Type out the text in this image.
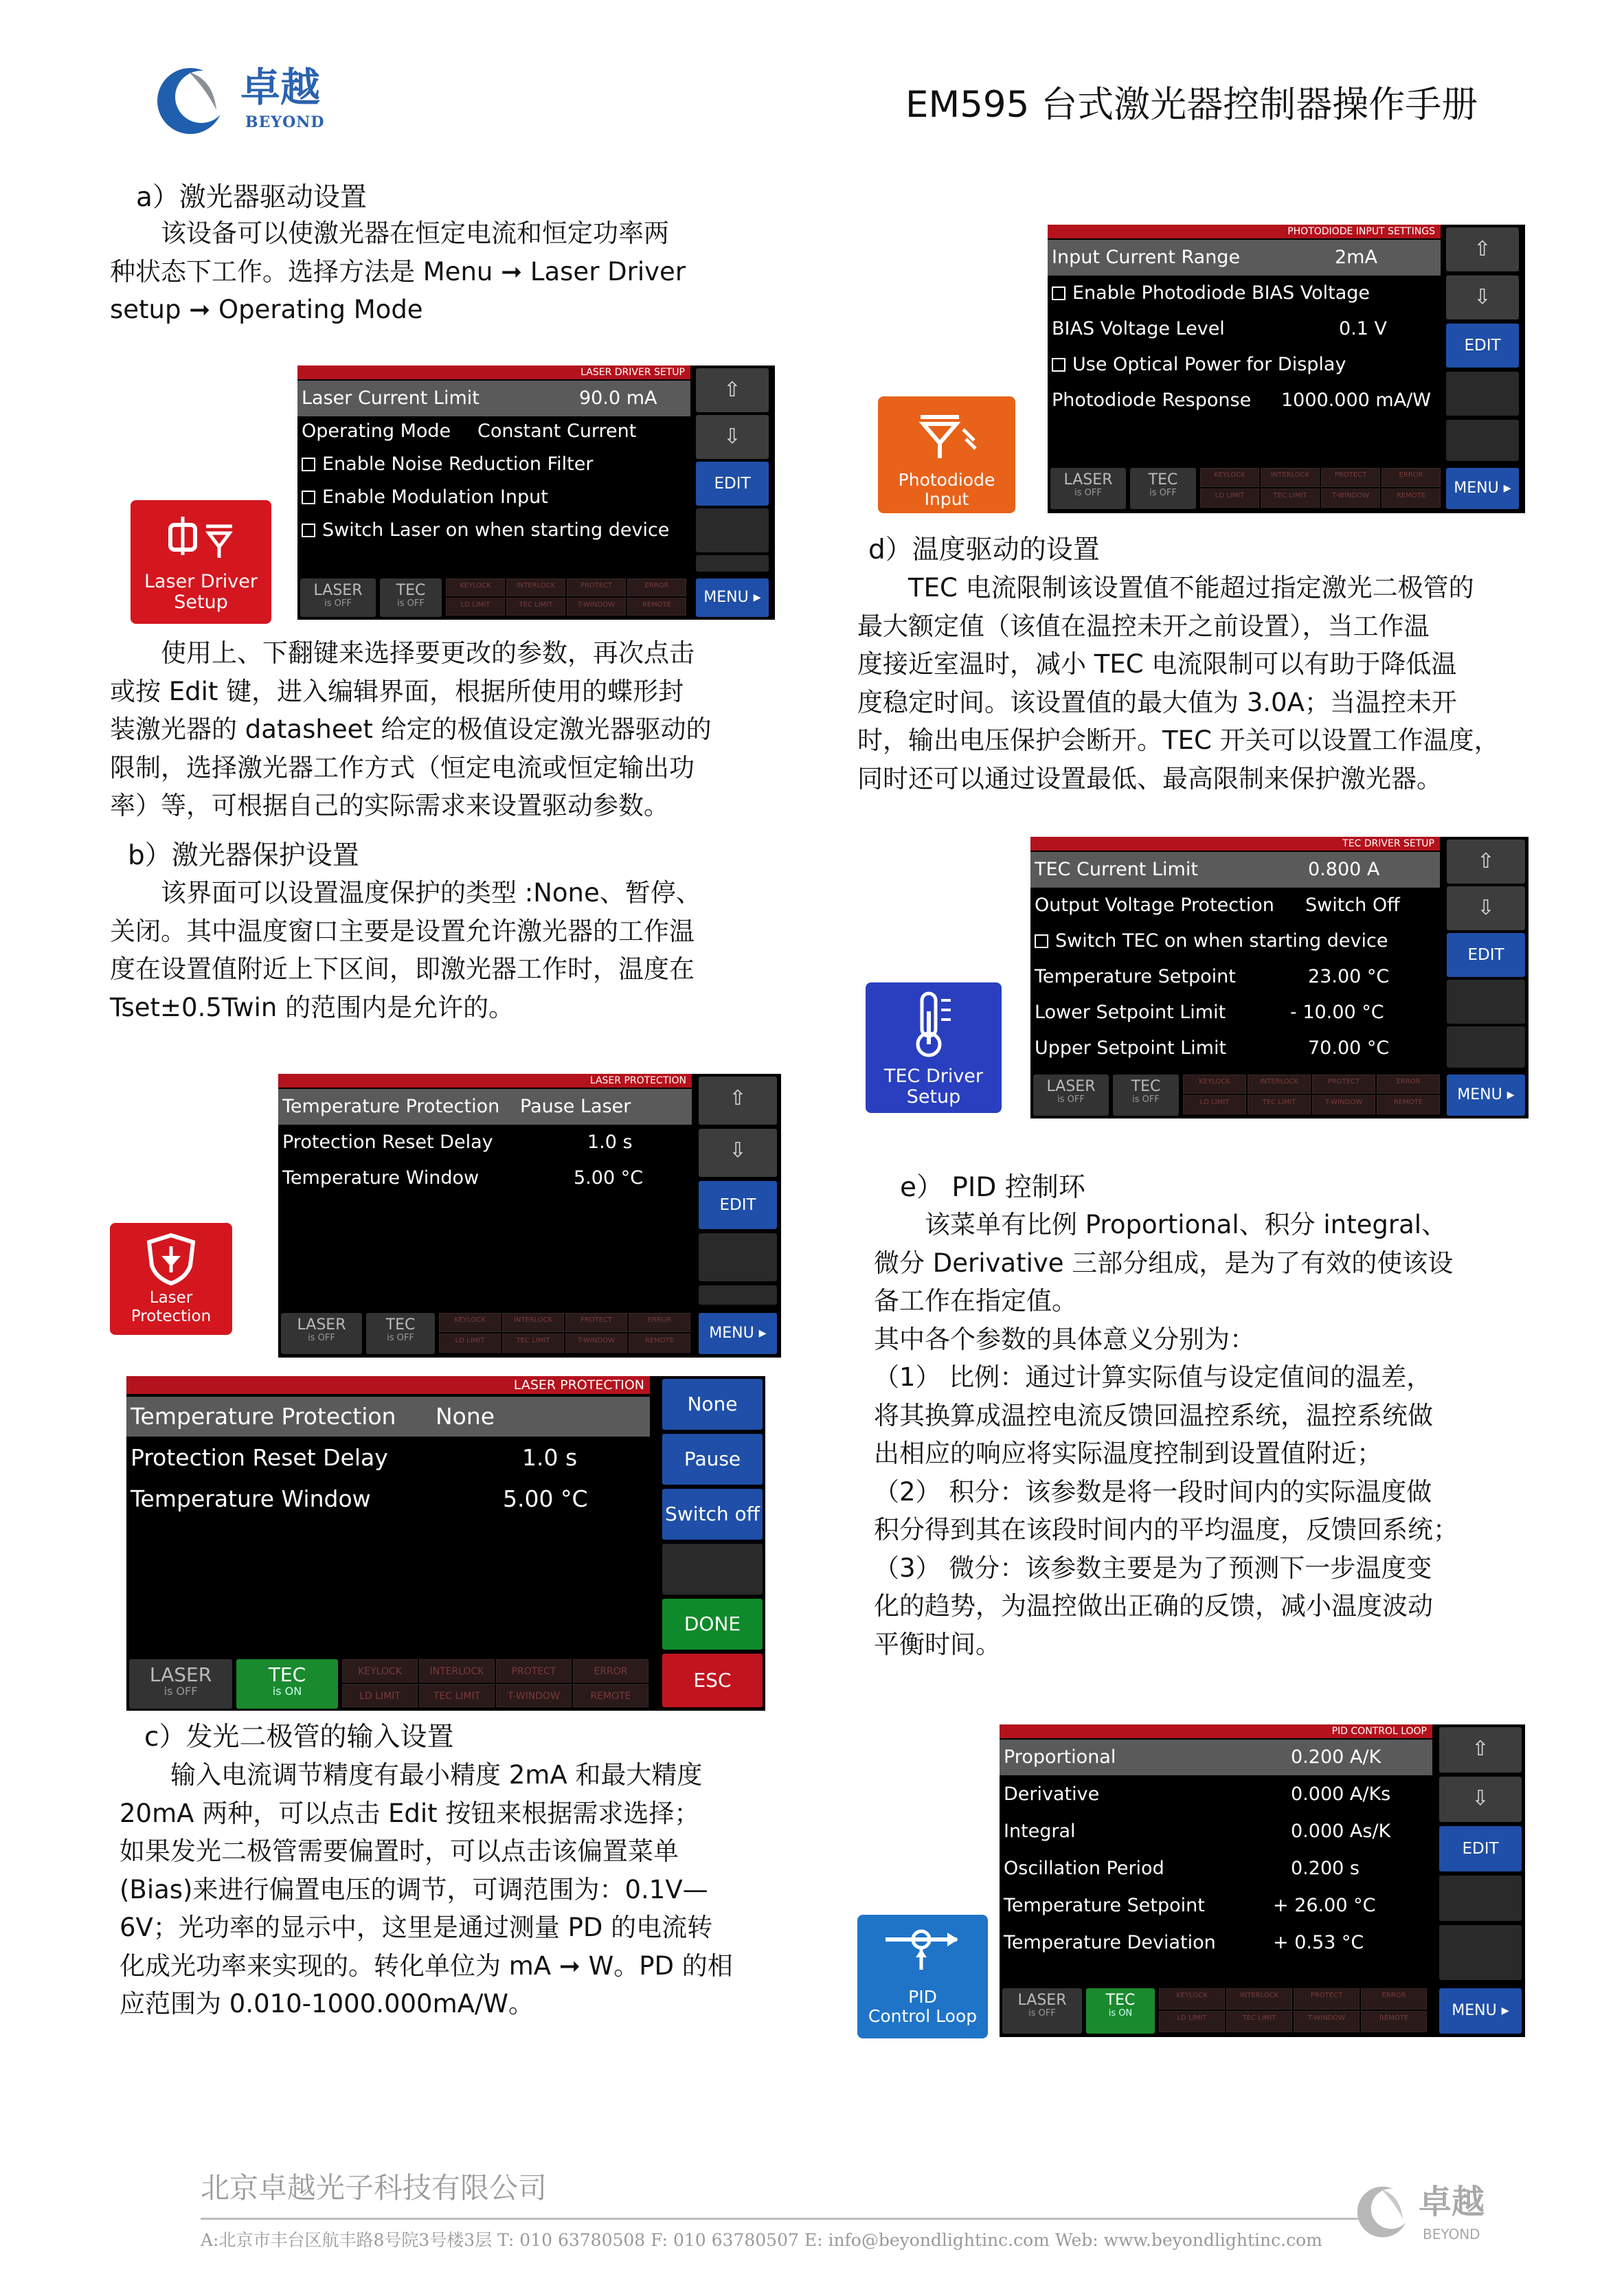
卓越
BEYOND	EM595 台式激光器控制器操作手册
a）激光器驱动设置

　　该设备可以使激光器在恒定电流和恒定功率两

种状态下工作。选择方法是 Menu ➞ Laser Driver

setup ➞ Operating Mode

　　使用上、下翻键来选择要更改的参数，再次点击

或按 Edit 键，进入编辑界面，根据所使用的蝶形封

装激光器的 datasheet 给定的极值设定激光器驱动的

限制，选择激光器工作方式（恒定电流或恒定输出功

率）等，可根据自己的实际需求来设置驱动参数。

b）激光器保护设置

　　该界面可以设置温度保护的类型 :None、暂停、

关闭。其中温度窗口主要是设置允许激光器的工作温

度在设置值附近上下区间，即激光器工作时，温度在

Tset±0.5Twin 的范围内是允许的。

c）发光二极管的输入设置

　　输入电流调节精度有最小精度 2mA 和最大精度

20mA 两种，可以点击 Edit 按钮来根据需求选择；

如果发光二极管需要偏置时，可以点击该偏置菜单

(Bias)来进行偏置电压的调节，可调范围为：0.1V—

6V；光功率的显示中，这里是通过测量 PD 的电流转

化成光功率来实现的。转化单位为 mA ➞ W。PD 的相

应范围为 0.010-1000.000mA/W。

d）温度驱动的设置

　　TEC 电流限制该设置值不能超过指定激光二极管的

最大额定值（该值在温控未开之前设置），当工作温

度接近室温时，减小 TEC 电流限制可以有助于降低温

度稳定时间。该设置值的最大值为 3.0A；当温控未开

时，输出电压保护会断开。TEC 开关可以设置工作温度，

同时还可以通过设置最低、最高限制来保护激光器。

e） PID 控制环

　　该菜单有比例 Proportional、积分 integral、

微分 Derivative 三部分组成，是为了有效的使该设

备工作在指定值。

其中各个参数的具体意义分别为：

（1） 比例：通过计算实际值与设定值间的温差，

将其换算成温控电流反馈回温控系统，温控系统做

出相应的响应将实际温度控制到设置值附近；

（2） 积分：该参数是将一段时间内的实际温度做

积分得到其在该段时间内的平均温度，反馈回系统；

（3） 微分：该参数主要是为了预测下一步温度变

化的趋势，为温控做出正确的反馈，减小温度波动

平衡时间。

Laser Driver
Setup
Laser
Protection
Photodiode
Input
TEC Driver
Setup
PID
Control Loop
LASER DRIVER SETUP
Laser Current Limit	90.0 mA
Operating Mode Constant Current
Enable Noise Reduction Filter
Enable Modulation Input
Switch Laser on when starting device
⇧
⇩
EDIT
LASER
is OFF
TEC
is OFF
KEYLOCK	INTERLOCK	PROTECT	ERROR
LD LIMIT	TEC LIMIT	T-WINDOW	REMOTE	MENU ▸
LASER PROTECTION
Temperature Protection Pause Laser
Protection Reset Delay	1.0 s
Temperature Window	5.00 °C
⇧
⇩
EDIT
LASER
is OFF
TEC
is OFF
KEYLOCK	INTERLOCK	PROTECT	ERROR
LD LIMIT	TEC LIMIT	T-WINDOW	REMOTE	MENU ▸
LASER PROTECTION
Temperature Protection None
Protection Reset Delay	1.0 s
Temperature Window	5.00 °C
None
Pause
Switch off
DONE
ESC
LASER
is OFF
TEC
is ON
KEYLOCK	INTERLOCK	PROTECT	ERROR
LD LIMIT	TEC LIMIT	T-WINDOW	REMOTE
PHOTODIODE INPUT SETTINGS
Input Current Range	2mA
Enable Photodiode BIAS Voltage
BIAS Voltage Level	0.1 V
Use Optical Power for Display
Photodiode Response 1000.000 mA/W
⇧
⇩
EDIT
LASER
is OFF
TEC
is OFF
KEYLOCK	INTERLOCK	PROTECT	ERROR
LD LIMIT	TEC LIMIT	T-WINDOW	REMOTE	MENU ▸
TEC DRIVER SETUP
TEC Current Limit	0.800 A
Output Voltage Protection Switch Off
Switch TEC on when starting device
Temperature Setpoint	23.00 °C
Lower Setpoint Limit	- 10.00 °C
Upper Setpoint Limit	70.00 °C
⇧
⇩
EDIT
LASER
is OFF
TEC
is OFF
KEYLOCK	INTERLOCK	PROTECT	ERROR
LD LIMIT	TEC LIMIT	T-WINDOW	REMOTE	MENU ▸
PID CONTROL LOOP
Proportional	0.200 A/K
Derivative	0.000 A/Ks
Integral	0.000 As/K
Oscillation Period	0.200 s
Temperature Setpoint	+ 26.00 °C
Temperature Deviation	+ 0.53 °C
⇧
⇩
EDIT
LASER
is OFF
TEC
is ON
KEYLOCK	INTERLOCK	PROTECT	ERROR
LD LIMIT	TEC LIMIT	T-WINDOW	REMOTE	MENU ▸
北京卓越光子科技有限公司
A:北京市丰台区航丰路8号院3号楼3层 T: 010 63780508 F: 010 63780507 E: info@beyondlightinc.com Web: www.beyondlightinc.com
卓越
BEYOND
